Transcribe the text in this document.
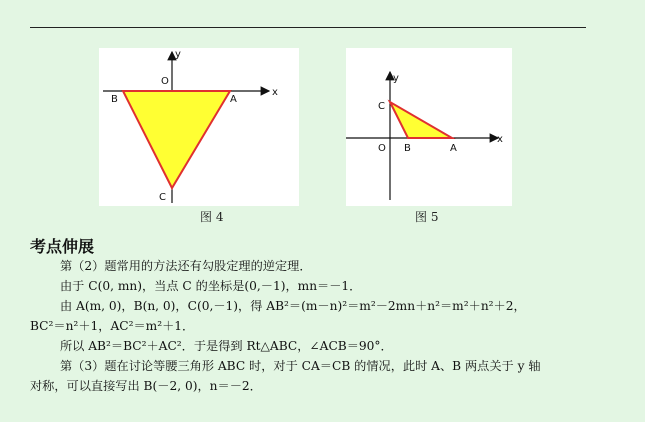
x
y
O
B	A
C
图 4
x
y
C
O B	A
图 5
考点伸展
第（2）题常用的方法还有勾股定理的逆定理．
由于 C(0, mn)，当点 C 的坐标是(0,－1)，mn＝－1．
由 A(m, 0)，B(n, 0)，C(0,－1)，得 AB²＝(m－n)²＝m²－2mn＋n²＝m²＋n²＋2，
BC²＝n²＋1，AC²＝m²＋1．
所以 AB²＝BC²＋AC²．于是得到 Rt△ABC，∠ACB＝90°．
第（3）题在讨论等腰三角形 ABC 时，对于 CA＝CB 的情况，此时 A、B 两点关于 y 轴
对称，可以直接写出 B(－2, 0)，n＝－2．
